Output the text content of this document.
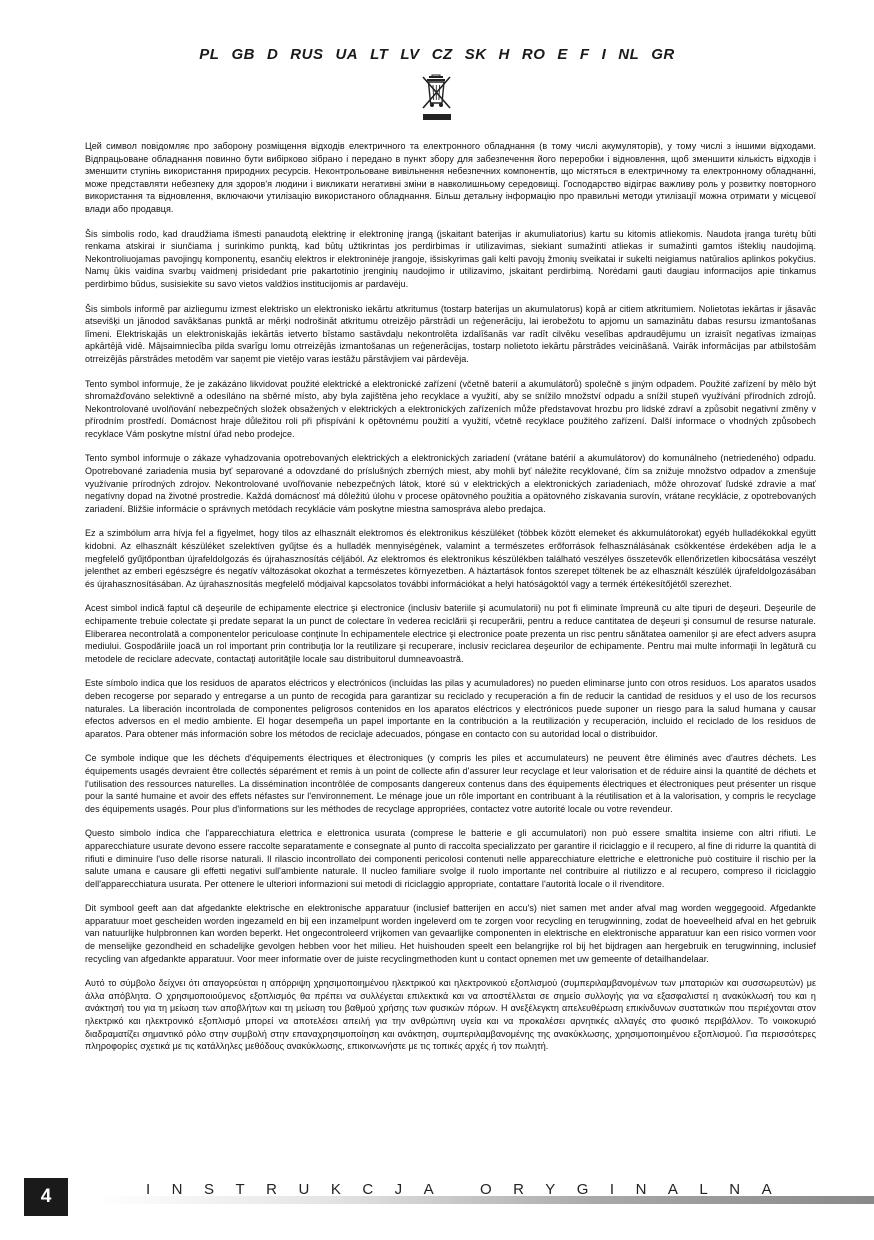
PL GB D RUS UA LT LV CZ SK H RO E F I NL GR

Цей символ повідомляє про заборону розміщення відходів електричного та електронного обладнання (в тому числі акумуляторів), у тому числі з іншими відходами. Відпрацьоване обладнання повинно бути вибірково зібрано і передано в пункт збору для забезпечення його переробки і відновлення, щоб зменшити кількість відходів і зменшити ступінь використання природних ресурсів. Неконтрольоване вивільнення небезпечних компонентів, що містяться в електричному та електронному обладнанні, може представляти небезпеку для здоров'я людини і викликати негативні зміни в навколишньому середовищі. Господарство відіграє важливу роль у розвитку повторного використання та відновлення, включаючи утилізацію використаного обладнання. Більш детальну інформацію про правильні методи утилізації можна отримати у місцевої влади або продавця.

Šis simbolis rodo, kad draudžiama išmesti panaudotą elektrinę ir elektroninę įrangą (įskaitant baterijas ir akumuliatorius) kartu su kitomis atliekomis. Naudota įranga turėtų būti renkama atskirai ir siunčiama į surinkimo punktą, kad būtų užtikrintas jos perdirbimas ir utilizavimas, siekiant sumažinti atliekas ir sumažinti gamtos išteklių naudojimą. Nekontroliuojamas pavojingų komponentų, esančių elektros ir elektroninėje įrangoje, išsiskyrimas gali kelti pavojų žmonių sveikatai ir sukelti neigiamus natūralios aplinkos pokyčius. Namų ūkis vaidina svarbų vaidmenį prisidedant prie pakartotinio įrenginių naudojimo ir utilizavimo, įskaitant perdirbimą. Norėdami gauti daugiau informacijos apie tinkamus perdirbimo būdus, susisiekite su savo vietos valdžios institucijomis ar pardavėju.

Šis simbols informē par aizliegumu izmest elektrisko un elektronisko iekārtu atkritumus (tostarp baterijas un akumulatorus) kopā ar citiem atkritumiem. Nolietotas iekārtas ir jāsavāc atsevišķi un jānodod savākšanas punktā ar mērķi nodrošināt atkritumu otreizējo pārstrādi un reģenerāciju, lai ierobežotu to apjomu un samazinātu dabas resursu izmantošanas līmeni. Elektriskajās un elektroniskajās iekārtās ietverto bīstamo sastāvdaļu nekontrolēta izdalīšanās var radīt cilvēku veselības apdraudējumu un izraisīt negatīvas izmaiņas apkārtējā vidē. Mājsaimniecība pilda svarīgu lomu otrreizējās izmantošanas un reģenerācijas, tostarp nolietoto iekārtu pārstrādes veicināšanā. Vairāk informācijas par atbilstošām otrreizējās pārstrādes metodēm var saņemt pie vietējo varas iestāžu pārstāvjiem vai pārdevēja.

Tento symbol informuje, že je zakázáno likvidovat použité elektrické a elektronické zařízení (včetně baterií a akumulátorů) společně s jiným odpadem. Použité zařízení by mělo být shromažďováno selektivně a odesíláno na sběrné místo, aby byla zajištěna jeho recyklace a využití, aby se snížilo množství odpadu a snížil stupeň využívání přírodních zdrojů. Nekontrolované uvolňování nebezpečných složek obsažených v elektrických a elektronických zařízeních může představovat hrozbu pro lidské zdraví a způsobit negativní změny v přírodním prostředí. Domácnost hraje důležitou roli při přispívání k opětovnému použití a využití, včetně recyklace použitého zařízení. Další informace o vhodných způsobech recyklace Vám poskytne místní úřad nebo prodejce.

Tento symbol informuje o zákaze vyhadzovania opotrebovaných elektrických a elektronických zariadení (vrátane batérií a akumulátorov) do komunálneho (netriedeného) odpadu. Opotrebované zariadenia musia byť separované a odovzdané do príslušných zberných miest, aby mohli byť náležite recyklované, čím sa znižuje množstvo odpadov a zmenšuje využívanie prírodných zdrojov. Nekontrolované uvoľňovanie nebezpečných látok, ktoré sú v elektrických a elektronických zariadeniach, môže ohrozovať ľudské zdravie a mať negatívny dopad na životné prostredie. Každá domácnosť má dôležitú úlohu v procese opätovného použitia a opätovného získavania surovín, vrátane recyklácie, z opotrebovaných zariadení. Bližšie informácie o správnych metódach recyklácie vám poskytne miestna samospráva alebo predajca.

Ez a szimbólum arra hívja fel a figyelmet, hogy tilos az elhasznált elektromos és elektronikus készüléket (többek között elemeket és akkumulátorokat) egyéb hulladékokkal együtt kidobni. Az elhasznált készüléket szelektíven gyűjtse és a hulladék mennyiségének, valamint a természetes erőforrások felhasználásának csökkentése érdekében adja le a megfelelő gyűjtőpontban újrafeldolgozás és újrahasznosítás céljából. Az elektromos és elektronikus készülékben található veszélyes összetevők ellenőrizetlen kibocsátása veszélyt jelenthet az emberi egészségre és negatív változásokat okozhat a természetes környezetben. A háztartások fontos szerepet töltenek be az elhasznált készülék újrafeldolgozásában és újrahasznosításában. Az újrahasznosítás megfelelő módjaival kapcsolatos további információkat a helyi hatóságoktól vagy a termék értékesítőjétől szerezhet.

Acest simbol indică faptul că deşeurile de echipamente electrice şi electronice (inclusiv bateriile şi acumulatorii) nu pot fi eliminate împreună cu alte tipuri de deşeuri. Deşeurile de echipamente trebuie colectate şi predate separat la un punct de colectare în vederea reciclării şi recuperării, pentru a reduce cantitatea de deşeuri şi consumul de resurse naturale. Eliberarea necontrolată a componentelor periculoase conţinute în echipamentele electrice şi electronice poate prezenta un risc pentru sănătatea oamenilor şi are efect advers asupra mediului. Gospodăriile joacă un rol important prin contribuţia lor la reutilizare şi recuperare, inclusiv reciclarea deşeurilor de echipamente. Pentru mai multe informaţii în legătură cu metodele de reciclare adecvate, contactaţi autorităţile locale sau distribuitorul dumneavoastră.

Este símbolo indica que los residuos de aparatos eléctricos y electrónicos (incluidas las pilas y acumuladores) no pueden eliminarse junto con otros residuos. Los aparatos usados deben recogerse por separado y entregarse a un punto de recogida para garantizar su reciclado y recuperación a fin de reducir la cantidad de residuos y el uso de los recursos naturales. La liberación incontrolada de componentes peligrosos contenidos en los aparatos eléctricos y electrónicos puede suponer un riesgo para la salud humana y causar efectos adversos en el medio ambiente. El hogar desempeña un papel importante en la contribución a la reutilización y recuperación, incluido el reciclado de los residuos de aparatos. Para obtener más información sobre los métodos de reciclaje adecuados, póngase en contacto con su autoridad local o distribuidor.

Ce symbole indique que les déchets d'équipements électriques et électroniques (y compris les piles et accumulateurs) ne peuvent être éliminés avec d'autres déchets. Les équipements usagés devraient être collectés séparément et remis à un point de collecte afin d'assurer leur recyclage et leur valorisation et de réduire ainsi la quantité de déchets et l'utilisation des ressources naturelles. La dissémination incontrôlée de composants dangereux contenus dans des équipements électriques et électroniques peut présenter un risque pour la santé humaine et avoir des effets néfastes sur l'environnement. Le ménage joue un rôle important en contribuant à la réutilisation et à la valorisation, y compris le recyclage des équipements usagés. Pour plus d'informations sur les méthodes de recyclage appropriées, contactez votre autorité locale ou votre revendeur.

Questo simbolo indica che l'apparecchiatura elettrica e elettronica usurata (comprese le batterie e gli accumulatori) non può essere smaltita insieme con altri rifiuti. Le apparecchiature usurate devono essere raccolte separatamente e consegnate al punto di raccolta specializzato per garantire il riciclaggio e il recupero, al fine di ridurre la quantità di rifiuti e diminuire l'uso delle risorse naturali. Il rilascio incontrollato dei componenti pericolosi contenuti nelle apparecchiature elettriche e elettroniche può costituire il rischio per la salute umana e causare gli effetti negativi sull'ambiente naturale. Il nucleo familiare svolge il ruolo importante nel contribuire al riutilizzo e al recupero, compreso il riciclaggio dell'apparecchiatura usurata. Per ottenere le ulteriori informazioni sui metodi di riciclaggio appropriate, contattare l'autorità locale o il rivenditore.

Dit symbool geeft aan dat afgedankte elektrische en elektronische apparatuur (inclusief batterijen en accu's) niet samen met ander afval mag worden weggegooid. Afgedankte apparatuur moet gescheiden worden ingezameld en bij een inzamelpunt worden ingeleverd om te zorgen voor recycling en terugwinning, zodat de hoeveelheid afval en het gebruik van natuurlijke hulpbronnen kan worden beperkt. Het ongecontroleerd vrijkomen van gevaarlijke componenten in elektrische en elektronische apparatuur kan een risico vormen voor de menselijke gezondheid en schadelijke gevolgen hebben voor het milieu. Het huishouden speelt een belangrijke rol bij het bijdragen aan hergebruik en terugwinning, inclusief recycling van afgedankte apparatuur. Voor meer informatie over de juiste recyclingmethoden kunt u contact opnemen met uw gemeente of detailhandelaar.

Αυτό το σύμβολο δείχνει ότι απαγορεύεται η απόρριψη χρησιμοποιημένου ηλεκτρικού και ηλεκτρονικού εξοπλισμού (συμπεριλαμβανομένων των μπαταριών και συσσωρευτών) με άλλα απόβλητα. Ο χρησιμοποιούμενος εξοπλισμός θα πρέπει να συλλέγεται επιλεκτικά και να αποστέλλεται σε σημείο συλλογής για να εξασφαλιστεί η ανακύκλωσή του και η ανάκτησή του για τη μείωση των αποβλήτων και τη μείωση του βαθμού χρήσης των φυσικών πόρων. Η ανεξέλεγκτη απελευθέρωση επικίνδυνων συστατικών που περιέχονται στον ηλεκτρικό και ηλεκτρονικό εξοπλισμό μπορεί να αποτελέσει απειλή για την ανθρώπινη υγεία και να προκαλέσει αρνητικές αλλαγές στο φυσικό περιβάλλον. Το νοικοκυριό διαδραματίζει σημαντικό ρόλο στην συμβολή στην επαναχρησιμοποίηση και ανάκτηση, συμπεριλαμβανομένης της ανακύκλωσης, χρησιμοποιημένου εξοπλισμού. Για περισσότερες πληροφορίες σχετικά με τις κατάλληλες μεθόδους ανακύκλωσης, επικοινωνήστε με τις τοπικές αρχές ή τον πωλητή.

4	INSTRUKCJA ORYGINALNA
